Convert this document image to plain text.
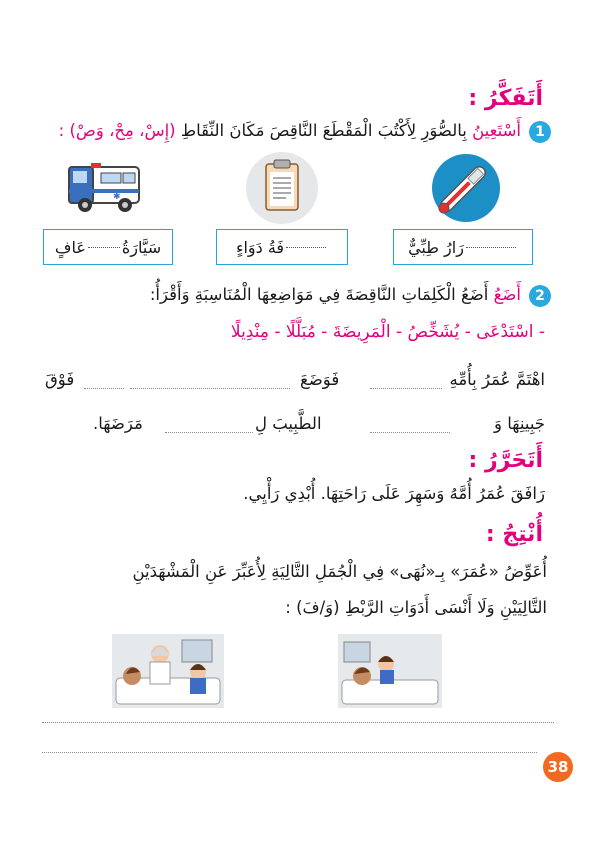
أَتَفَكَّرُ :
1
أَسْتَعِينُ بِالصُّوَرِ لِأَكْتُبَ الْمَقْطَعَ النَّاقِصَ مَكَانَ النِّقَاطِ (إِسْ، مِحْ، وَصْ) :
✱
سَيَّارَةُ
عَافٍ	فَةُ دَوَاءٍ	رَارُ طِبِّيٌّ
2
أَضَعُ أَضَعُ الْكَلِمَاتِ النَّاقِصَةَ فِي مَوَاضِعِهَا الْمُنَاسِبَةِ وَأَقْرَأُ:
- اسْتَدْعَى - يُشَخِّصُ - الْمَرِيضَةَ - مُبَلَّلًا - مِنْدِيلًا
اهْتَمَّ عُمَرُ بِأُمِّهِ
فَوَضَعَ
فَوْقَ
جَبِينِهَا وَ
الطَّبِيبَ لِ
مَرَضَهَا.
أَتَحَرَّرُ :
رَافَقَ عُمَرُ أُمَّهُ وَسَهِرَ عَلَى رَاحَتِهَا. أُبْدِي رَأْيِي.
أُنْتِجُ :
أُعَوِّضُ «عُمَرَ» بِـ«نُهَى» فِي الْجُمَلِ التَّالِيَةِ لِأُعَبِّرَ عَنِ الْمَشْهَدَيْنِ
التَّالِيَيْنِ وَلَا أَنْسَى أَدَوَاتِ الرَّبْطِ (وَ/فَ) :
38
